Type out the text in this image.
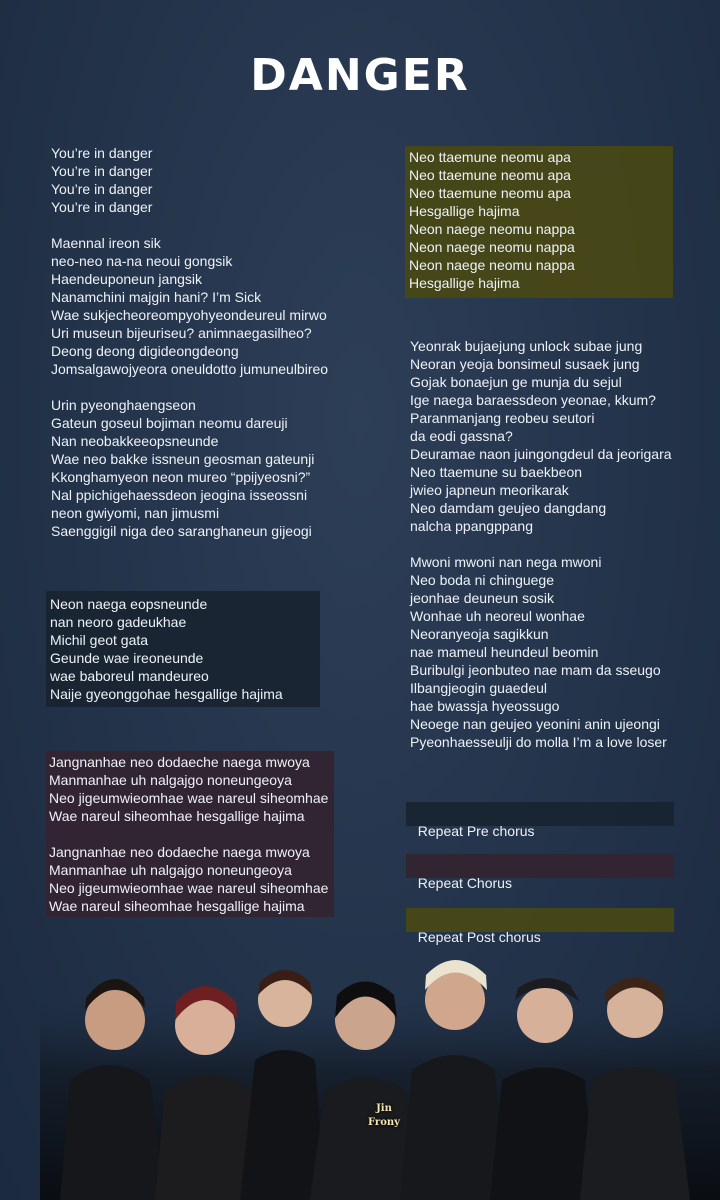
DANGER
You’re in danger
You’re in danger
You’re in danger
You’re in danger
Maennal ireon sik
neo-neo na-na neoui gongsik
Haendeuponeun jangsik
Nanamchini majgin hani? I’m Sick
Wae sukjecheoreompyohyeondeureul mirwo
Uri museun bijeuriseu? animnaegasilheo?
Deong deong digideongdeong
Jomsalgawojyeora oneuldotto jumuneulbireo
Urin pyeonghaengseon
Gateun goseul bojiman neomu dareuji
Nan neobakkeeopsneunde
Wae neo bakke issneun geosman gateunji
Kkonghamyeon neon mureo “ppijyeosni?”
Nal ppichigehaessdeon jeogina isseossni
neon gwiyomi, nan jimusmi
Saenggigil niga deo saranghaneun gijeogi
Neon naega eopsneunde
nan neoro gadeukhae
Michil geot gata
Geunde wae ireoneunde
wae baboreul mandeureo
Naije gyeonggohae hesgallige hajima
Jangnanhae neo dodaeche naega mwoya
Manmanhae uh nalgajgo noneungeoya
Neo jigeumwieomhae wae nareul siheomhae
Wae nareul siheomhae hesgallige hajima
Jangnanhae neo dodaeche naega mwoya
Manmanhae uh nalgajgo noneungeoya
Neo jigeumwieomhae wae nareul siheomhae
Wae nareul siheomhae hesgallige hajima
Neo ttaemune neomu apa
Neo ttaemune neomu apa
Neo ttaemune neomu apa
Hesgallige hajima
Neon naege neomu nappa
Neon naege neomu nappa
Neon naege neomu nappa
Hesgallige hajima
Yeonrak bujaejung unlock subae jung
Neoran yeoja bonsimeul susaek jung
Gojak bonaejun ge munja du sejul
Ige naega baraessdeon yeonae, kkum?
Paranmanjang reobeu seutori
da eodi gassna?
Deuramae naon juingongdeul da jeorigara
Neo ttaemune su baekbeon
jwieo japneun meorikarak
Neo damdam geujeo dangdang
nalcha ppangppang
Mwoni mwoni nan nega mwoni
Neo boda ni chinguege
jeonhae deuneun sosik
Wonhae uh neoreul wonhae
Neoranyeoja sagikkun
nae mameul heundeul beomin
Buribulgi jeonbuteo nae mam da sseugo
Ilbangjeogin guaedeul
hae bwassja hyeossugo
Neoege nan geujeo yeonini anin ujeongi
Pyeonhaesseulji do molla I’m a love loser

Repeat Pre chorus

Repeat Chorus

Repeat Post chorus

Jin
Frony
